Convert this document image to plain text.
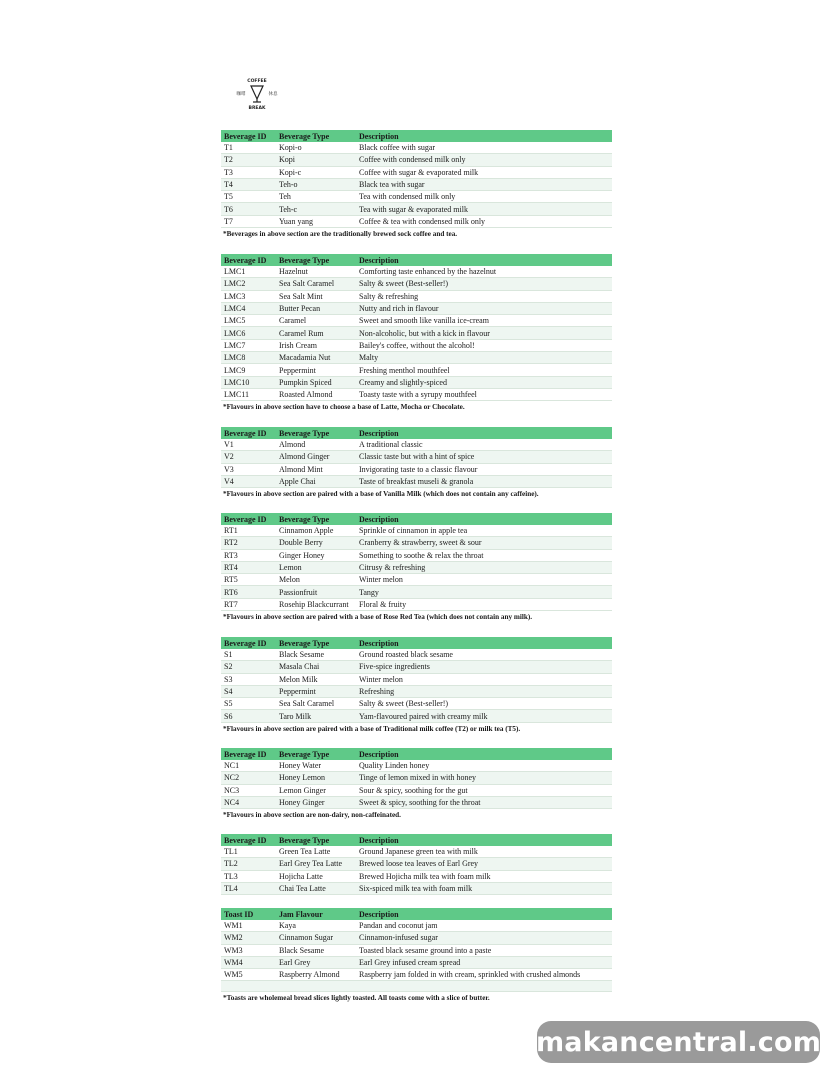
COFFEE
咖啡	休息
BREAK
Beverage ID	Beverage Type	Description
T1	Kopi-o	Black coffee with sugar
T2	Kopi	Coffee with condensed milk only
T3	Kopi-c	Coffee with sugar & evaporated milk
T4	Teh-o	Black tea with sugar
T5	Teh	Tea with condensed milk only
T6	Teh-c	Tea with sugar & evaporated milk
T7	Yuan yang	Coffee & tea with condensed milk only
*Beverages in above section are the traditionally brewed sock coffee and tea.
Beverage ID	Beverage Type	Description
LMC1	Hazelnut	Comforting taste enhanced by the hazelnut
LMC2	Sea Salt Caramel	Salty & sweet (Best-seller!)
LMC3	Sea Salt Mint	Salty & refreshing
LMC4	Butter Pecan	Nutty and rich in flavour
LMC5	Caramel	Sweet and smooth like vanilla ice-cream
LMC6	Caramel Rum	Non-alcoholic, but with a kick in flavour
LMC7	Irish Cream	Bailey's coffee, without the alcohol!
LMC8	Macadamia Nut	Malty
LMC9	Peppermint	Freshing menthol mouthfeel
LMC10	Pumpkin Spiced	Creamy and slightly-spiced
LMC11	Roasted Almond	Toasty taste with a syrupy mouthfeel
*Flavours in above section have to choose a base of Latte, Mocha or Chocolate.
Beverage ID	Beverage Type	Description
V1	Almond	A traditional classic
V2	Almond Ginger	Classic taste but with a hint of spice
V3	Almond Mint	Invigorating taste to a classic flavour
V4	Apple Chai	Taste of breakfast museli & granola
*Flavours in above section are paired with a base of Vanilla Milk (which does not contain any caffeine).
Beverage ID	Beverage Type	Description
RT1	Cinnamon Apple	Sprinkle of cinnamon in apple tea
RT2	Double Berry	Cranberry & strawberry, sweet & sour
RT3	Ginger Honey	Something to soothe & relax the throat
RT4	Lemon	Citrusy & refreshing
RT5	Melon	Winter melon
RT6	Passionfruit	Tangy
RT7	Rosehip Blackcurrant	Floral & fruity
*Flavours in above section are paired with a base of Rose Red Tea (which does not contain any milk).
Beverage ID	Beverage Type	Description
S1	Black Sesame	Ground roasted black sesame
S2	Masala Chai	Five-spice ingredients
S3	Melon Milk	Winter melon
S4	Peppermint	Refreshing
S5	Sea Salt Caramel	Salty & sweet (Best-seller!)
S6	Taro Milk	Yam-flavoured paired with creamy milk
*Flavours in above section are paired with a base of Traditional milk coffee (T2) or milk tea (T5).
Beverage ID	Beverage Type	Description
NC1	Honey Water	Quality Linden honey
NC2	Honey Lemon	Tinge of lemon mixed in with honey
NC3	Lemon Ginger	Sour & spicy, soothing for the gut
NC4	Honey Ginger	Sweet & spicy, soothing for the throat
*Flavours in above section are non-dairy, non-caffeinated.
Beverage ID	Beverage Type	Description
TL1	Green Tea Latte	Ground Japanese green tea with milk
TL2	Earl Grey Tea Latte	Brewed loose tea leaves of Earl Grey
TL3	Hojicha Latte	Brewed Hojicha milk tea with foam milk
TL4	Chai Tea Latte	Six-spiced milk tea with foam milk
Toast ID	Jam Flavour	Description
WM1	Kaya	Pandan and coconut jam
WM2	Cinnamon Sugar	Cinnamon-infused sugar
WM3	Black Sesame	Toasted black sesame ground into a paste
WM4	Earl Grey	Earl Grey infused cream spread
WM5	Raspberry Almond	Raspberry jam folded in with cream, sprinkled with crushed almonds

*Toasts are wholemeal bread slices lightly toasted. All toasts come with a slice of butter.
makancentral.com
